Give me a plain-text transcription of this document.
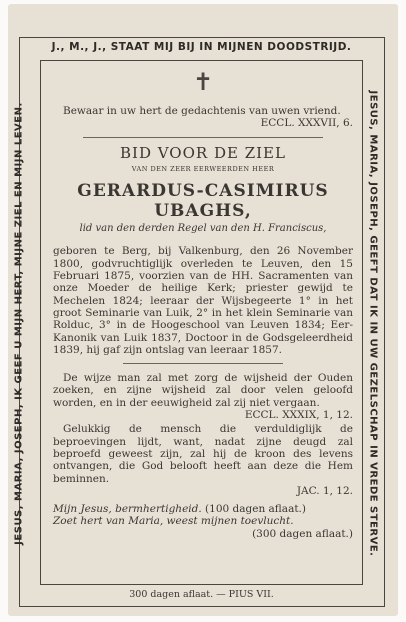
J., M., J., STAAT MIJ BIJ IN MIJNEN DOODSTRIJD.
JESUS, MARIA, JOSEPH, IK GEEF U MIJN HERT, MIJNE ZIEL EN MIJN LEVEN.	JESUS, MARIA, JOSEPH, GEEFT DAT IK IN UW GEZELSCHAP IN VREDE STERVE.
✝
Bewaar in uw hert de gedachtenis van uwen vriend.
ECCL. XXXVII, 6.
BID VOOR DE ZIEL
VAN DEN ZEER EERWEERDEN HEER
GERARDUS-CASIMIRUS UBAGHS,
lid van den derden Regel van den H. Franciscus,
geboren te Berg, bij Valkenburg, den 26 November 1800, godvruchtiglijk overleden te Leuven, den 15 Februari 1875, voorzien van de HH. Sacramenten van onze Moeder de heilige Kerk; priester gewijd te Mechelen 1824; leeraar der Wijsbegeerte 1° in het groot Seminarie van Luik, 2° in het klein Seminarie van Rolduc, 3° in de Hoogeschool van Leuven 1834; Eer-Kanonik van Luik 1837, Doctoor in de Godsgeleerdheid 1839, hij gaf zijn ontslag van leeraar 1857.
De wijze man zal met zorg de wijsheid der Ouden zoeken, en zijne wijsheid zal door velen geloofd worden, en in der eeuwigheid zal zij niet vergaan.
ECCL. XXXIX, 1, 12.
Gelukkig de mensch die verduldiglijk de beproevingen lijdt, want, nadat zijne deugd zal beproefd geweest zijn, zal hij de kroon des levens ontvangen, die God belooft heeft aan deze die Hem beminnen.
JAC. 1, 12.
Mijn Jesus, bermhertigheid. (100 dagen aflaat.)
Zoet hert van Maria, weest mijnen toevlucht.
(300 dagen aflaat.)
300 dagen aflaat. — PIUS VII.
